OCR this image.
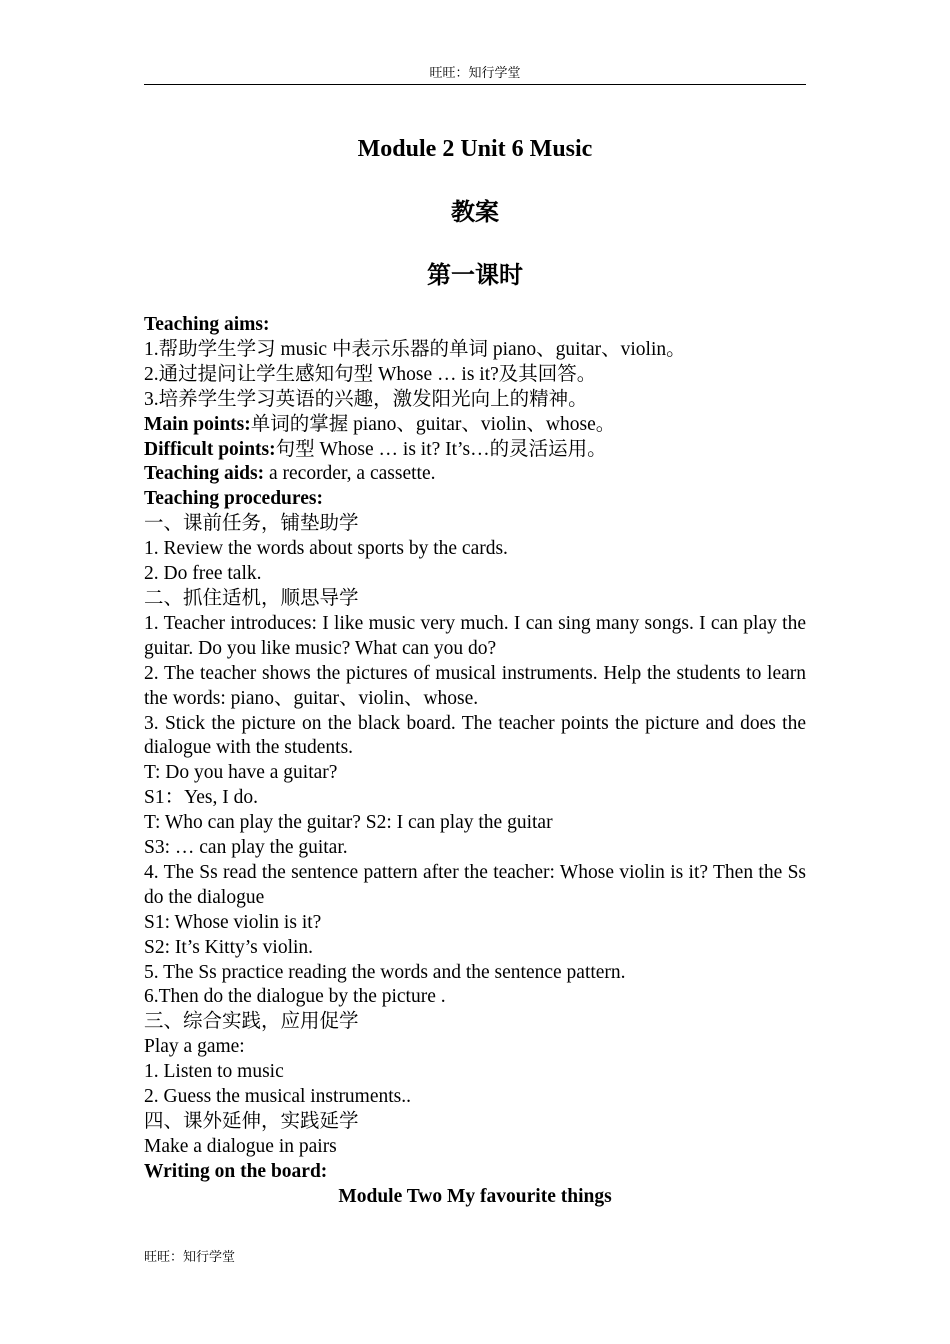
旺旺：知行学堂
Module 2 Unit 6 Music
教案
第一课时

Teaching aims:

1.帮助学生学习 music 中表示乐器的单词 piano、guitar、violin。

2.通过提问让学生感知句型 Whose … is it?及其回答。

3.培养学生学习英语的兴趣，激发阳光向上的精神。

Main points:单词的掌握 piano、guitar、violin、whose。

Difficult points:句型 Whose … is it? It’s…的灵活运用。

Teaching aids: a recorder, a cassette.

Teaching procedures:

一、课前任务，铺垫助学

1. Review the words about sports by the cards.

2. Do free talk.

二、抓住适机，顺思导学

1. Teacher introduces: I like music very much. I can sing many songs. I can play the guitar. Do you like music? What can you do?

2. The teacher shows the pictures of musical instruments. Help the students to learn the words: piano、guitar、violin、whose.

3. Stick the picture on the black board. The teacher points the picture and does the dialogue with the students.

T: Do you have a guitar?

S1：Yes, I do.

T: Who can play the guitar? S2: I can play the guitar

S3: … can play the guitar.

4. The Ss read the sentence pattern after the teacher: Whose violin is it? Then the Ss do the dialogue

S1: Whose violin is it?

S2: It’s Kitty’s violin.

5. The Ss practice reading the words and the sentence pattern.

6.Then do the dialogue by the picture .

三、综合实践，应用促学

Play a game:

1. Listen to music

2. Guess the musical instruments..

四、课外延伸，实践延学

Make a dialogue in pairs

Writing on the board:

Module Two My favourite things

旺旺：知行学堂
